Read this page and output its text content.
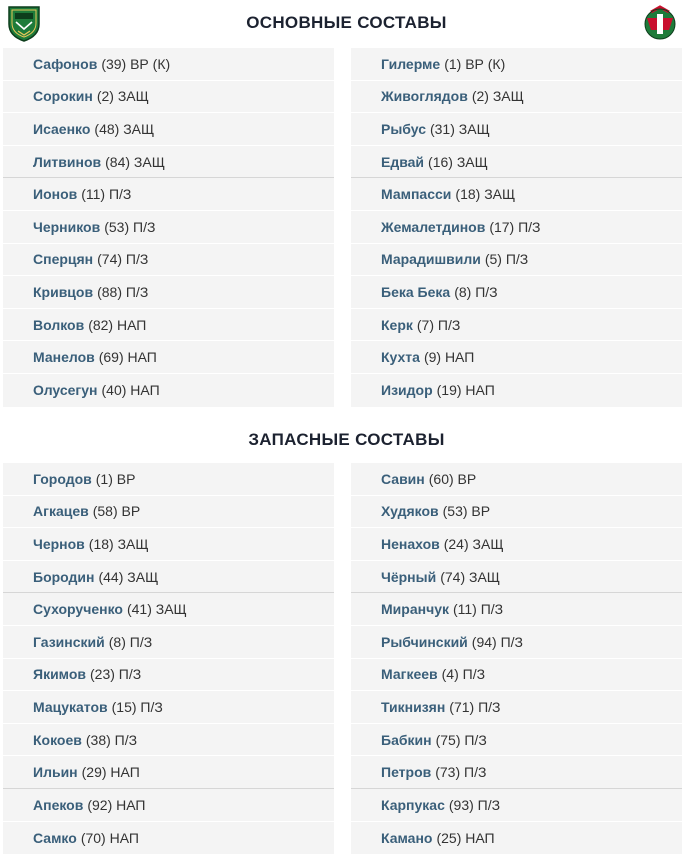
ОСНОВНЫЕ СОСТАВЫ
Сафонов (39) ВР (К)
Сорокин (2) ЗАЩ
Исаенко (48) ЗАЩ
Литвинов (84) ЗАЩ
Ионов (11) П/З
Черников (53) П/З
Сперцян (74) П/З
Кривцов (88) П/З
Волков (82) НАП
Манелов (69) НАП
Олусегун (40) НАП
Гилерме (1) ВР (К)
Живоглядов (2) ЗАЩ
Рыбус (31) ЗАЩ
Едвай (16) ЗАЩ
Мампасси (18) ЗАЩ
Жемалетдинов (17) П/З
Марадишвили (5) П/З
Бека Бека (8) П/З
Керк (7) П/З
Кухта (9) НАП
Изидор (19) НАП
ЗАПАСНЫЕ СОСТАВЫ
Городов (1) ВР
Агкацев (58) ВР
Чернов (18) ЗАЩ
Бородин (44) ЗАЩ
Сухорученко (41) ЗАЩ
Газинский (8) П/З
Якимов (23) П/З
Мацукатов (15) П/З
Кокоев (38) П/З
Ильин (29) НАП
Апеков (92) НАП
Самко (70) НАП
Савин (60) ВР
Худяков (53) ВР
Ненахов (24) ЗАЩ
Чёрный (74) ЗАЩ
Миранчук (11) П/З
Рыбчинский (94) П/З
Магкеев (4) П/З
Тикнизян (71) П/З
Бабкин (75) П/З
Петров (73) П/З
Карпукас (93) П/З
Камано (25) НАП
